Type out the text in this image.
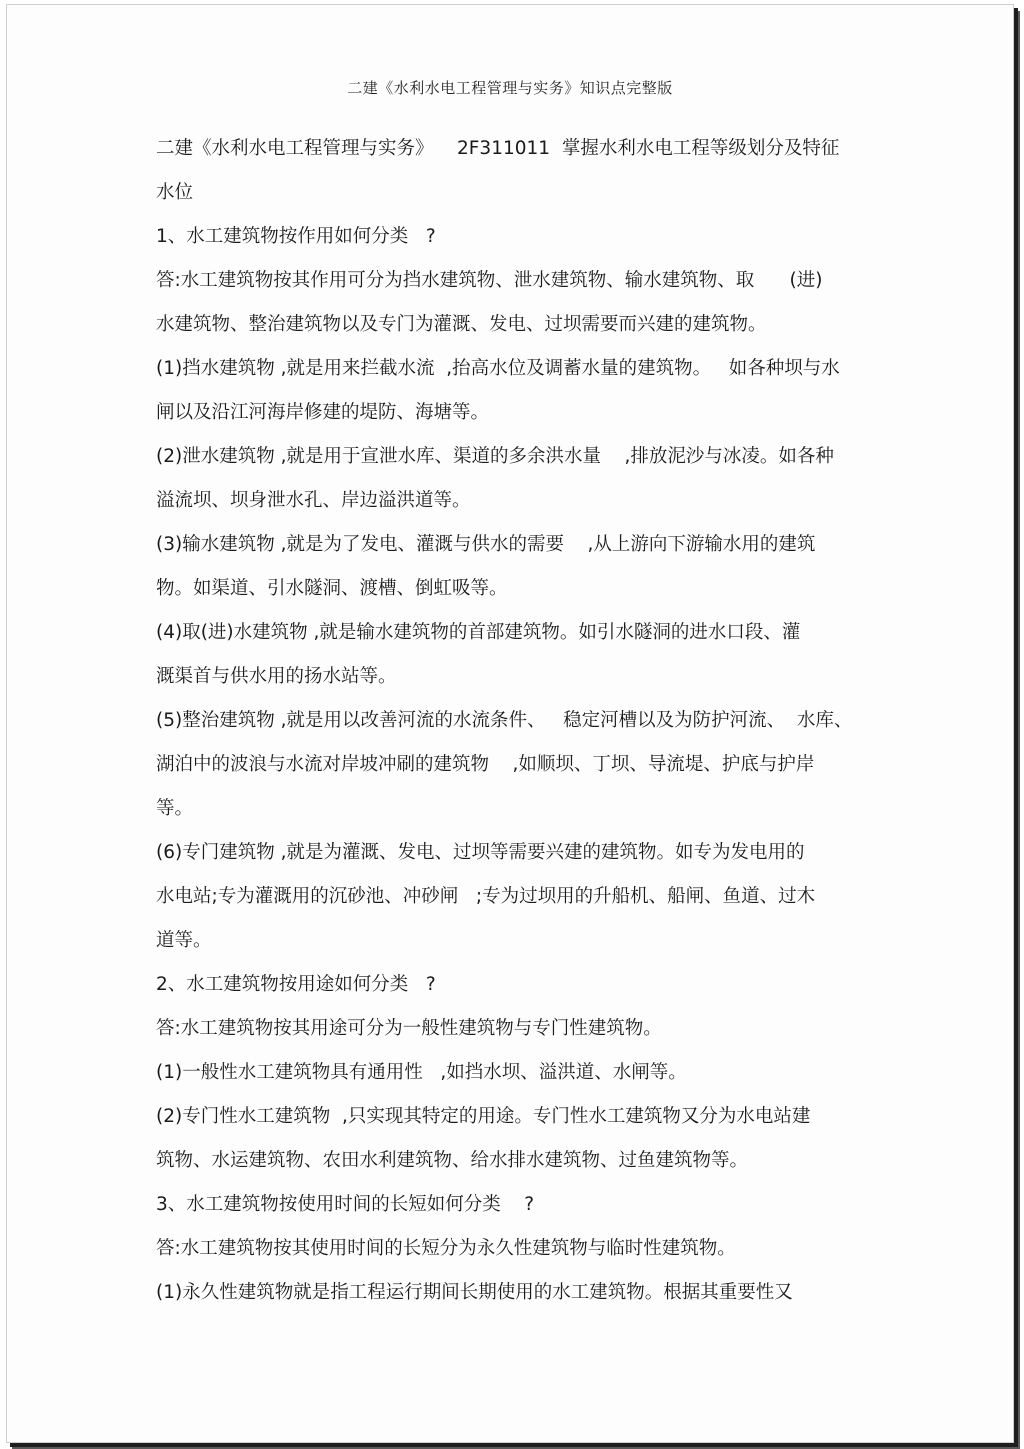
二建《水利水电工程管理与实务》知识点完整版
二建《水利水电工程管理与实务》    2F311011  掌握水利水电工程等级划分及特征
水位
1、水工建筑物按作用如何分类   ?
答:水工建筑物按其作用可分为挡水建筑物、泄水建筑物、输水建筑物、取      (进)
水建筑物、整治建筑物以及专门为灌溉、发电、过坝需要而兴建的建筑物。
(1)挡水建筑物 ,就是用来拦截水流  ,抬高水位及调蓄水量的建筑物。   如各种坝与水
闸以及沿江河海岸修建的堤防、海塘等。
(2)泄水建筑物 ,就是用于宣泄水库、渠道的多余洪水量    ,排放泥沙与冰凌。如各种
溢流坝、坝身泄水孔、岸边溢洪道等。
(3)输水建筑物 ,就是为了发电、灌溉与供水的需要    ,从上游向下游输水用的建筑
物。如渠道、引水隧洞、渡槽、倒虹吸等。
(4)取(进)水建筑物 ,就是输水建筑物的首部建筑物。如引水隧洞的进水口段、灌
溉渠首与供水用的扬水站等。
(5)整治建筑物 ,就是用以改善河流的水流条件、   稳定河槽以及为防护河流、  水库、
湖泊中的波浪与水流对岸坡冲刷的建筑物    ,如顺坝、丁坝、导流堤、护底与护岸
等。
(6)专门建筑物 ,就是为灌溉、发电、过坝等需要兴建的建筑物。如专为发电用的
水电站;专为灌溉用的沉砂池、冲砂闸   ;专为过坝用的升船机、船闸、鱼道、过木
道等。
2、水工建筑物按用途如何分类   ?
答:水工建筑物按其用途可分为一般性建筑物与专门性建筑物。
(1)一般性水工建筑物具有通用性   ,如挡水坝、溢洪道、水闸等。
(2)专门性水工建筑物  ,只实现其特定的用途。专门性水工建筑物又分为水电站建
筑物、水运建筑物、农田水利建筑物、给水排水建筑物、过鱼建筑物等。
3、水工建筑物按使用时间的长短如何分类    ?
答:水工建筑物按其使用时间的长短分为永久性建筑物与临时性建筑物。
(1)永久性建筑物就是指工程运行期间长期使用的水工建筑物。根据其重要性又
